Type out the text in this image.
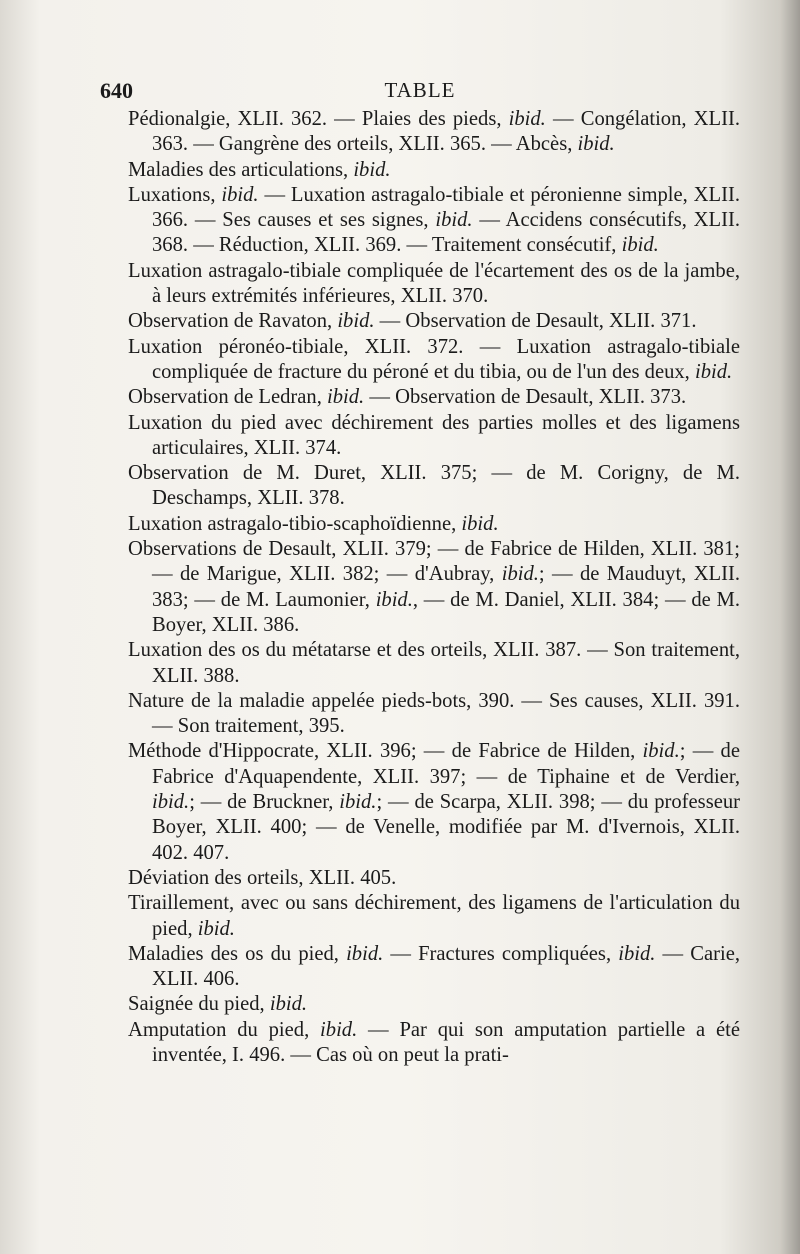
640	TABLE

Pédionalgie, XLII. 362. — Plaies des pieds, ibid. — Congélation, XLII. 363. — Gangrène des orteils, XLII. 365. — Abcès, ibid.

Maladies des articulations, ibid.

Luxations, ibid. — Luxation astragalo-tibiale et péronienne simple, XLII. 366. — Ses causes et ses signes, ibid. — Accidens consécutifs, XLII. 368. — Réduction, XLII. 369. — Traitement consécutif, ibid.

Luxation astragalo-tibiale compliquée de l'écartement des os de la jambe, à leurs extrémités inférieures, XLII. 370.

Observation de Ravaton, ibid. — Observation de Desault, XLII. 371.

Luxation péronéo-tibiale, XLII. 372. — Luxation astragalo-tibiale compliquée de fracture du péroné et du tibia, ou de l'un des deux, ibid.

Observation de Ledran, ibid. — Observation de Desault, XLII. 373.

Luxation du pied avec déchirement des parties molles et des ligamens articulaires, XLII. 374.

Observation de M. Duret, XLII. 375; — de M. Corigny, de M. Deschamps, XLII. 378.

Luxation astragalo-tibio-scaphoïdienne, ibid.

Observations de Desault, XLII. 379; — de Fabrice de Hilden, XLII. 381; — de Marigue, XLII. 382; — d'Aubray, ibid.; — de Mauduyt, XLII. 383; — de M. Laumonier, ibid., — de M. Daniel, XLII. 384; — de M. Boyer, XLII. 386.

Luxation des os du métatarse et des orteils, XLII. 387. — Son traitement, XLII. 388.

Nature de la maladie appelée pieds-bots, 390. — Ses causes, XLII. 391. — Son traitement, 395.

Méthode d'Hippocrate, XLII. 396; — de Fabrice de Hilden, ibid.; — de Fabrice d'Aquapendente, XLII. 397; — de Tiphaine et de Verdier, ibid.; — de Bruckner, ibid.; — de Scarpa, XLII. 398; — du professeur Boyer, XLII. 400; — de Venelle, modifiée par M. d'Ivernois, XLII. 402. 407.

Déviation des orteils, XLII. 405.

Tiraillement, avec ou sans déchirement, des ligamens de l'articulation du pied, ibid.

Maladies des os du pied, ibid. — Fractures compliquées, ibid. — Carie, XLII. 406.

Saignée du pied, ibid.

Amputation du pied, ibid. — Par qui son amputation partielle a été inventée, I. 496. — Cas où on peut la prati-
